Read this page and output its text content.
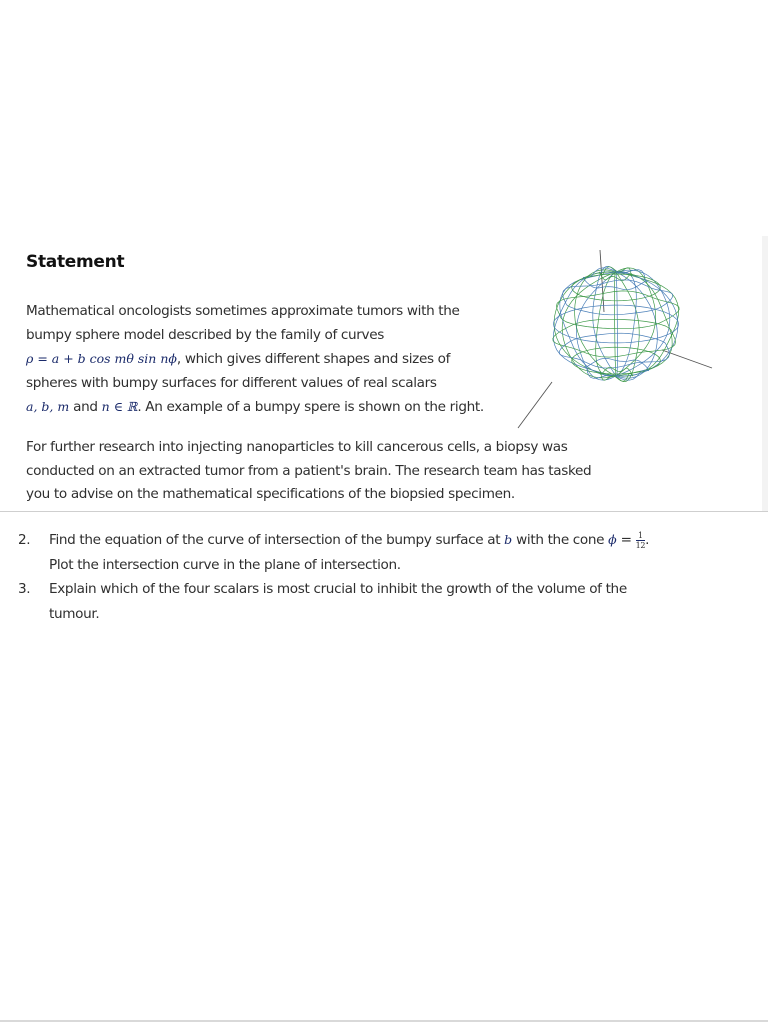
Statement
Mathematical oncologists sometimes approximate tumors with the
bumpy sphere model described by the family of curves
ρ = a + b cos mθ sin nϕ, which gives different shapes and sizes of
spheres with bumpy surfaces for different values of real scalars
a, b, m and n ∈ ℝ. An example of a bumpy spere is shown on the right.
For further research into injecting nanoparticles to kill cancerous cells, a biopsy was
conducted on an extracted tumor from a patient's brain. The research team has tasked
you to advise on the mathematical specifications of the biopsied specimen.
2.	Find the equation of the curve of intersection of the bumpy surface at b with the cone $\phi = \frac{1}{12}$ .
Plot the intersection curve in the plane of intersection.
3.	Explain which of the four scalars is most crucial to inhibit the growth of the volume of the
tumour.
